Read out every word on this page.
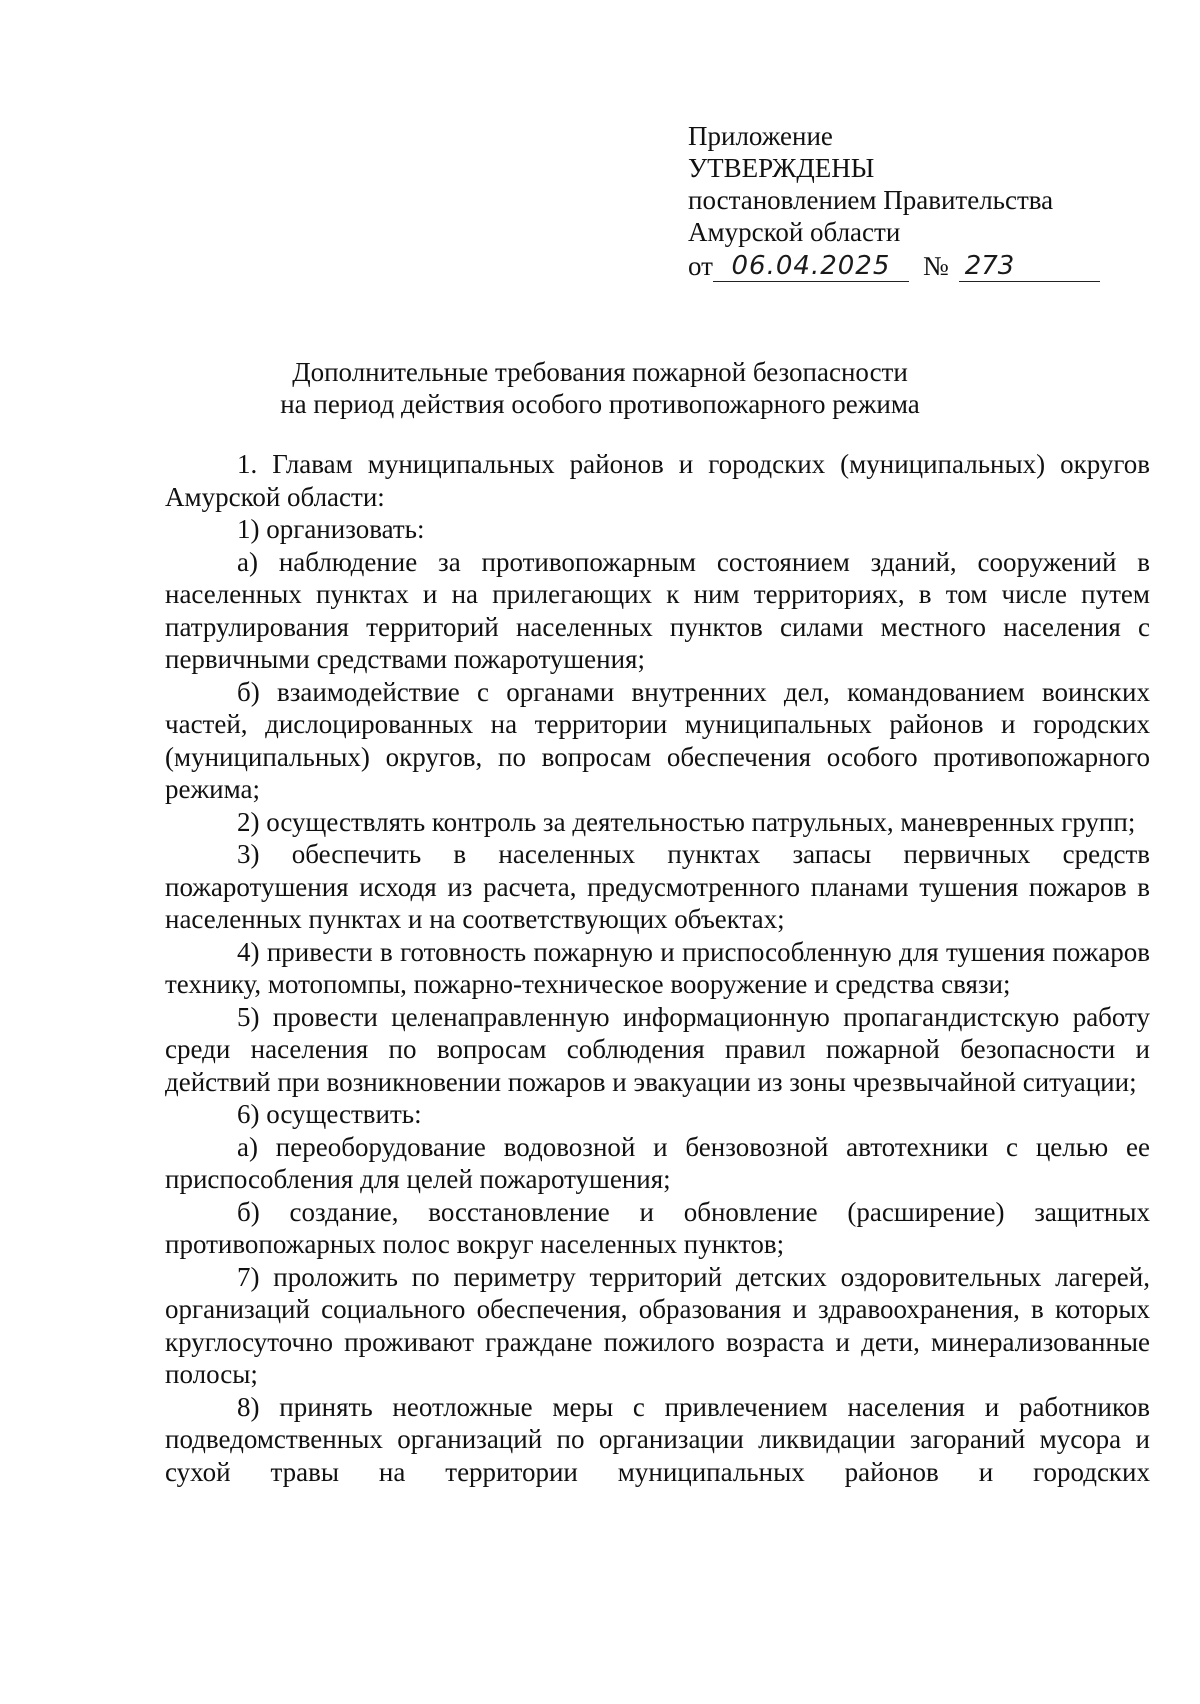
Приложение
УТВЕРЖДЕНЫ
постановлением Правительства
Амурской области
от 06.04.2025	№ 273
Дополнительные требования пожарной безопасности
на период действия особого противопожарного режима

1. Главам муниципальных районов и городских (муниципальных) округов Амурской области:

1) организовать:

а) наблюдение за противопожарным состоянием зданий, сооружений в населенных пунктах и на прилегающих к ним территориях, в том числе путем патрулирования территорий населенных пунктов силами местного населения с первичными средствами пожаротушения;

б) взаимодействие с органами внутренних дел, командованием воинских частей, дислоцированных на территории муниципальных районов и городских (муниципальных) округов, по вопросам обеспечения особого противопожарного режима;

2) осуществлять контроль за деятельностью патрульных, маневренных групп;

3) обеспечить в населенных пунктах запасы первичных средств пожаротушения исходя из расчета, предусмотренного планами тушения пожаров в населенных пунктах и на соответствующих объектах;

4) привести в готовность пожарную и приспособленную для тушения пожаров технику, мотопомпы, пожарно-техническое вооружение и средства связи;

5) провести целенаправленную информационную пропагандистскую работу среди населения по вопросам соблюдения правил пожарной безопасности и действий при возникновении пожаров и эвакуации из зоны чрезвычайной ситуации;

6) осуществить:

а) переоборудование водовозной и бензовозной автотехники с целью ее приспособления для целей пожаротушения;

б) создание, восстановление и обновление (расширение) защитных противопожарных полос вокруг населенных пунктов;

7) проложить по периметру территорий детских оздоровительных лагерей, организаций социального обеспечения, образования и здравоохранения, в которых круглосуточно проживают граждане пожилого возраста и дети, минерализованные полосы;

8) принять неотложные меры с привлечением населения и работников подведомственных организаций по организации ликвидации загораний мусора и сухой травы на территории муниципальных районов и городских
